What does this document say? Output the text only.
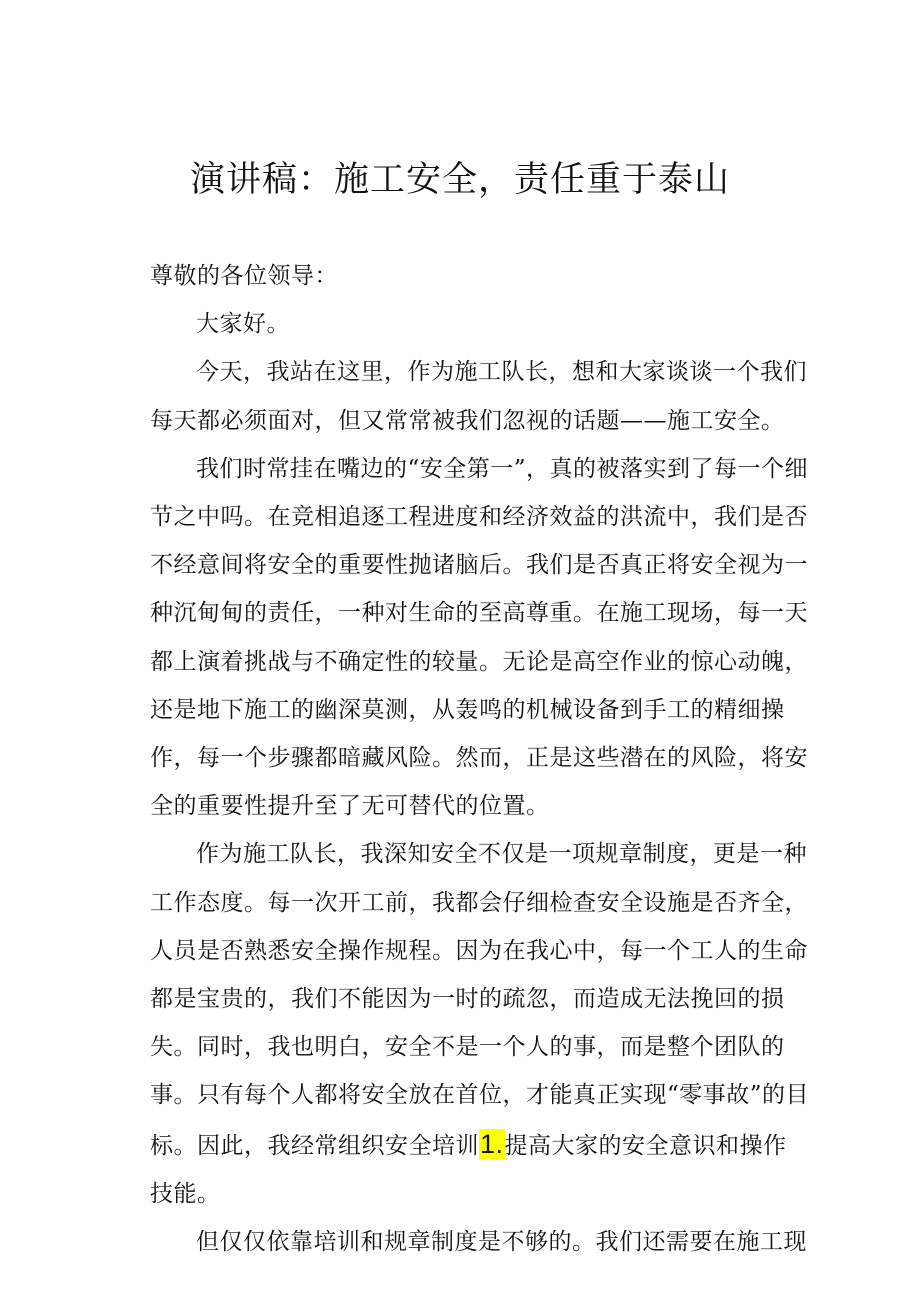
演讲稿：施工安全，责任重于泰山

尊敬的各位领导：

大家好。

今天，我站在这里，作为施工队长，想和大家谈谈一个我们每天都必须面对，但又常常被我们忽视的话题——施工安全。

我们时常挂在嘴边的“安全第一”，真的被落实到了每一个细节之中吗。在竞相追逐工程进度和经济效益的洪流中，我们是否不经意间将安全的重要性抛诸脑后。我们是否真正将安全视为一种沉甸甸的责任，一种对生命的至高尊重。在施工现场，每一天都上演着挑战与不确定性的较量。无论是高空作业的惊心动魄，还是地下施工的幽深莫测，从轰鸣的机械设备到手工的精细操作，每一个步骤都暗藏风险。然而，正是这些潜在的风险，将安全的重要性提升至了无可替代的位置。

作为施工队长，我深知安全不仅是一项规章制度，更是一种工作态度。每一次开工前，我都会仔细检查安全设施是否齐全，人员是否熟悉安全操作规程。因为在我心中，每一个工人的生命都是宝贵的，我们不能因为一时的疏忽，而造成无法挽回的损失。同时，我也明白，安全不是一个人的事，而是整个团队的事。只有每个人都将安全放在首位，才能真正实现“零事故”的目标。因此，我经常组织安全培训1.提高大家的安全意识和操作技能。

但仅仅依靠培训和规章制度是不够的。我们还需要在施工现
